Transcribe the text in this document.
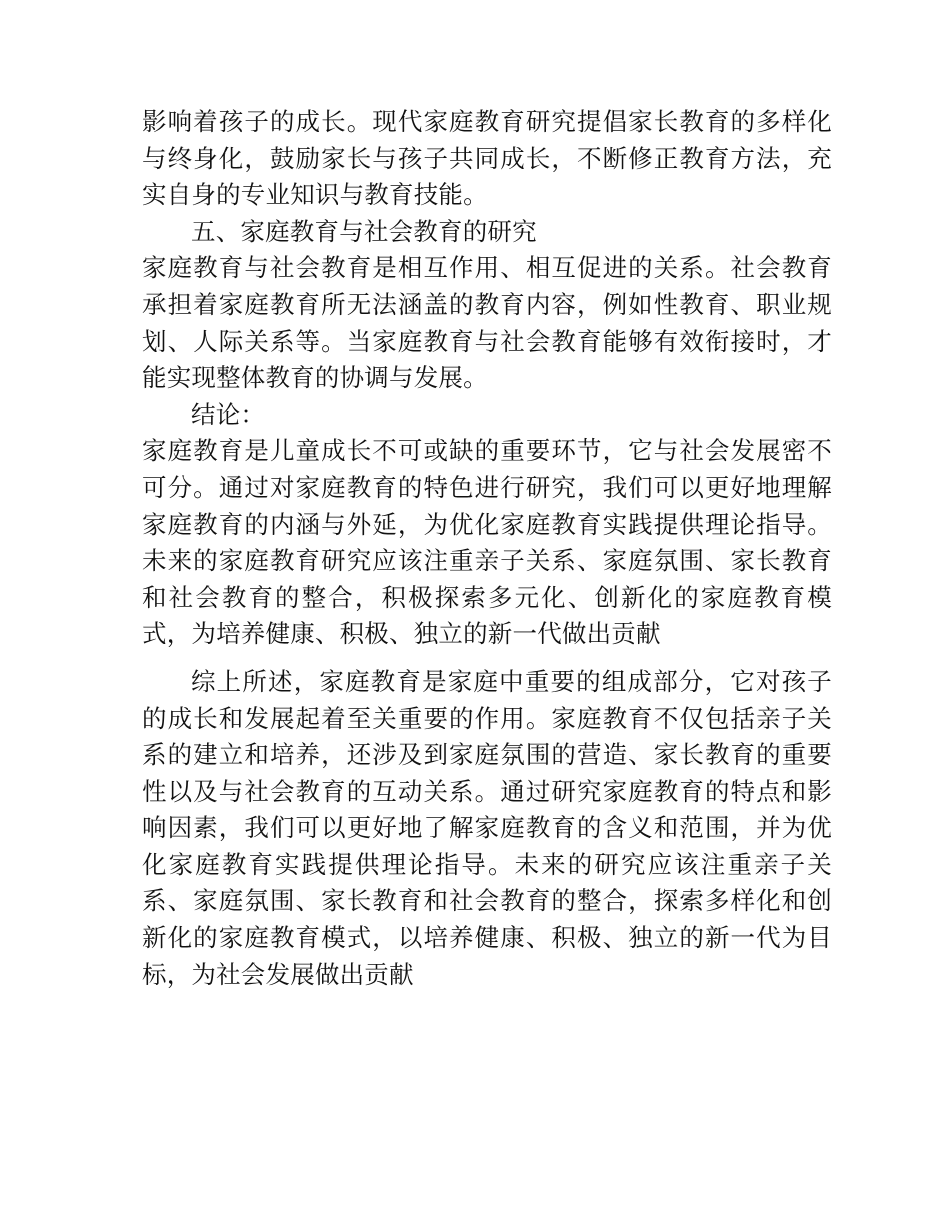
影响着孩子的成长。现代家庭教育研究提倡家长教育的多样化与终身化，鼓励家长与孩子共同成长，不断修正教育方法，充实自身的专业知识与教育技能。

五、家庭教育与社会教育的研究

家庭教育与社会教育是相互作用、相互促进的关系。社会教育承担着家庭教育所无法涵盖的教育内容，例如性教育、职业规划、人际关系等。当家庭教育与社会教育能够有效衔接时，才能实现整体教育的协调与发展。

结论：

家庭教育是儿童成长不可或缺的重要环节，它与社会发展密不可分。通过对家庭教育的特色进行研究，我们可以更好地理解家庭教育的内涵与外延，为优化家庭教育实践提供理论指导。未来的家庭教育研究应该注重亲子关系、家庭氛围、家长教育和社会教育的整合，积极探索多元化、创新化的家庭教育模式，为培养健康、积极、独立的新一代做出贡献

综上所述，家庭教育是家庭中重要的组成部分，它对孩子的成长和发展起着至关重要的作用。家庭教育不仅包括亲子关系的建立和培养，还涉及到家庭氛围的营造、家长教育的重要性以及与社会教育的互动关系。通过研究家庭教育的特点和影响因素，我们可以更好地了解家庭教育的含义和范围，并为优化家庭教育实践提供理论指导。未来的研究应该注重亲子关系、家庭氛围、家长教育和社会教育的整合，探索多样化和创新化的家庭教育模式，以培养健康、积极、独立的新一代为目标，为社会发展做出贡献
